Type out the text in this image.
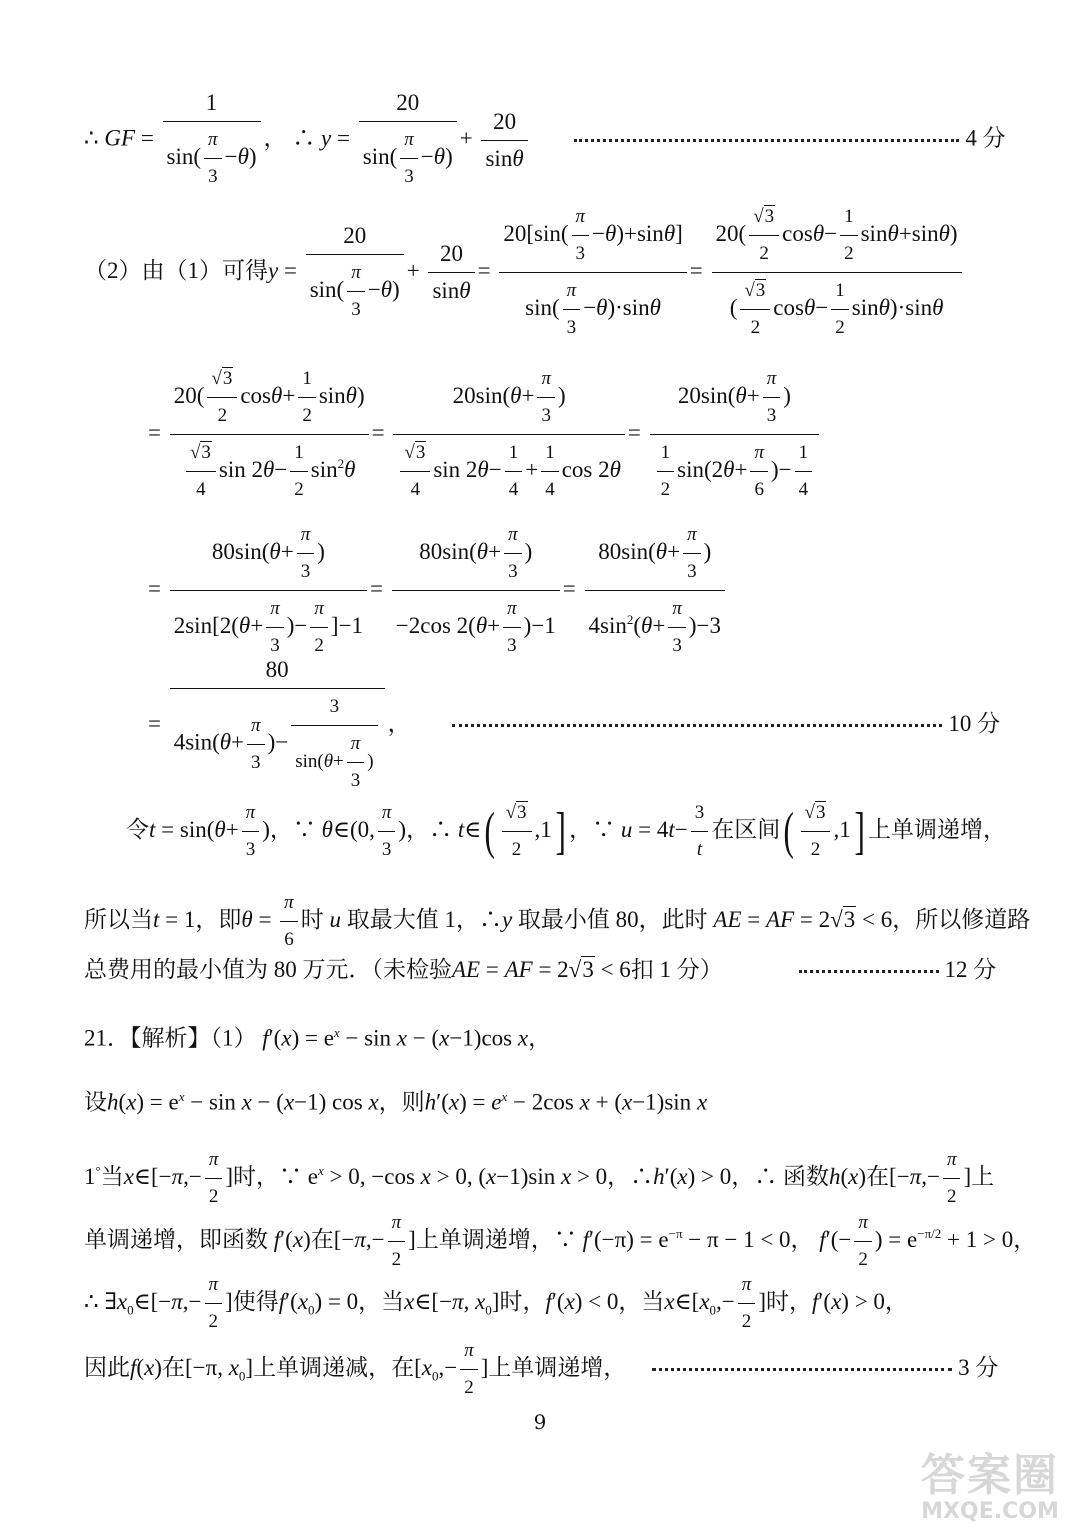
∴ GF = $\frac{1}{\sin( \frac{\pi}{3} -\theta)}$ ， ∴ $y = \frac{20}{\sin( \frac{\pi}{3} -\theta)} + \frac{20}{\sin\theta}$	4 分
（2）由（1）可得$y = \frac{20}{\sin( \frac{\pi}{3} -\theta)} + \frac{20}{\sin\theta} = \frac{20[\sin( \frac{\pi}{3} -\theta)+\sin\theta]}{\sin( \frac{\pi}{3} -\theta)\cdot\sin\theta} = \frac{20( \frac{√3}{2} \cos\theta- \frac{1}{2} \sin\theta+\sin\theta)}{( \frac{√3}{2} \cos\theta- \frac{1}{2} \sin\theta)\cdot\sin\theta}$
= $\frac{20( \frac{√3}{2} \cos\theta+ \frac{1}{2} \sin\theta)}{\frac{√3}{4} \sin 2\theta- \frac{1}{2} \sin^2\theta} = \frac{20\sin(\theta+ \frac{\pi}{3} )}{\frac{√3}{4} \sin 2\theta- \frac{1}{4} + \frac{1}{4} \cos 2\theta} = \frac{20\sin(\theta+ \frac{\pi}{3} )}{\frac{1}{2} \sin(2\theta+ \frac{\pi}{6} )- \frac{1}{4}}$
= $\frac{80\sin(\theta+ \frac{\pi}{3} )}{2\sin[2(\theta+ \frac{\pi}{3} )- \frac{\pi}{2} ]-1} = \frac{80\sin(\theta+ \frac{\pi}{3} )}{-2\cos 2(\theta+ \frac{\pi}{3} )-1} = \frac{80\sin(\theta+ \frac{\pi}{3} )}{4\sin^2(\theta+ \frac{\pi}{3} )-3}$
= $\frac{80}{4\sin(\theta+ \frac{\pi}{3} )- \frac{3}{\sin(\theta+ \frac{\pi}{3} )}}$ ，	10 分
令$t = \sin(\theta+ \frac{\pi}{3}$ )，∵ θ∈(0, $\frac{\pi}{3}$ )，∴ t∈( $\frac{√3}{2} ,1$] ，∵ $u = 4t- \frac{3}{t}$ 在区间( $\frac{√3}{2} ,1$] 上单调递增，
所以当t = 1，即$\theta = \frac{\pi}{6}$ 时 u 取最大值 1，∴y 取最小值 80，此时 AE = AF = 2√3 < 6，所以修道路
总费用的最小值为 80 万元．（未检验AE = AF = 2√3 < 6扣 1 分）	12 分
21．【解析】（1） $f'(x) = e^x - \sin x - (x-1)\cos$ x，
设$h(x) = e^x - \sin x - (x-1)$ cos x，则$h'(x) = e^x - 2\cos$ x + (x−1)sin x
1°当x∈[−π,− $\frac{\pi}{2}$ ]时，∵ $e^x > 0$, −cos x > 0, (x−1)sin x > 0，∴h′(x) > 0，∴ 函数h(x)在[$-\pi,- \frac{\pi}{2}$ ]上
单调递增，即函数 f′(x)在[$-\pi,- \frac{\pi}{2}$ ]上单调递增，∵ $f'(-\pi) = e^{-\pi} - \pi - 1 < 0$， $f'(- \frac{\pi}{2}$ ) = $e^{-\pi/2} + 1 > 0$，
∴ $\exists x_0\in[-\pi,- \frac{\pi}{2}$ ]使得$f'(x_0) = 0$，当x∈[−π, $x_0$]时，f′(x) < 0，当$x\in[x_0,- \frac{\pi}{2}$ ]时，f′(x) > 0，
因此f(x)在[−π, $x_0$]上单调递减，在[$x_0,- \frac{\pi}{2}$ ]上单调递增，	3 分
9
答案圈
MXQE.COM
